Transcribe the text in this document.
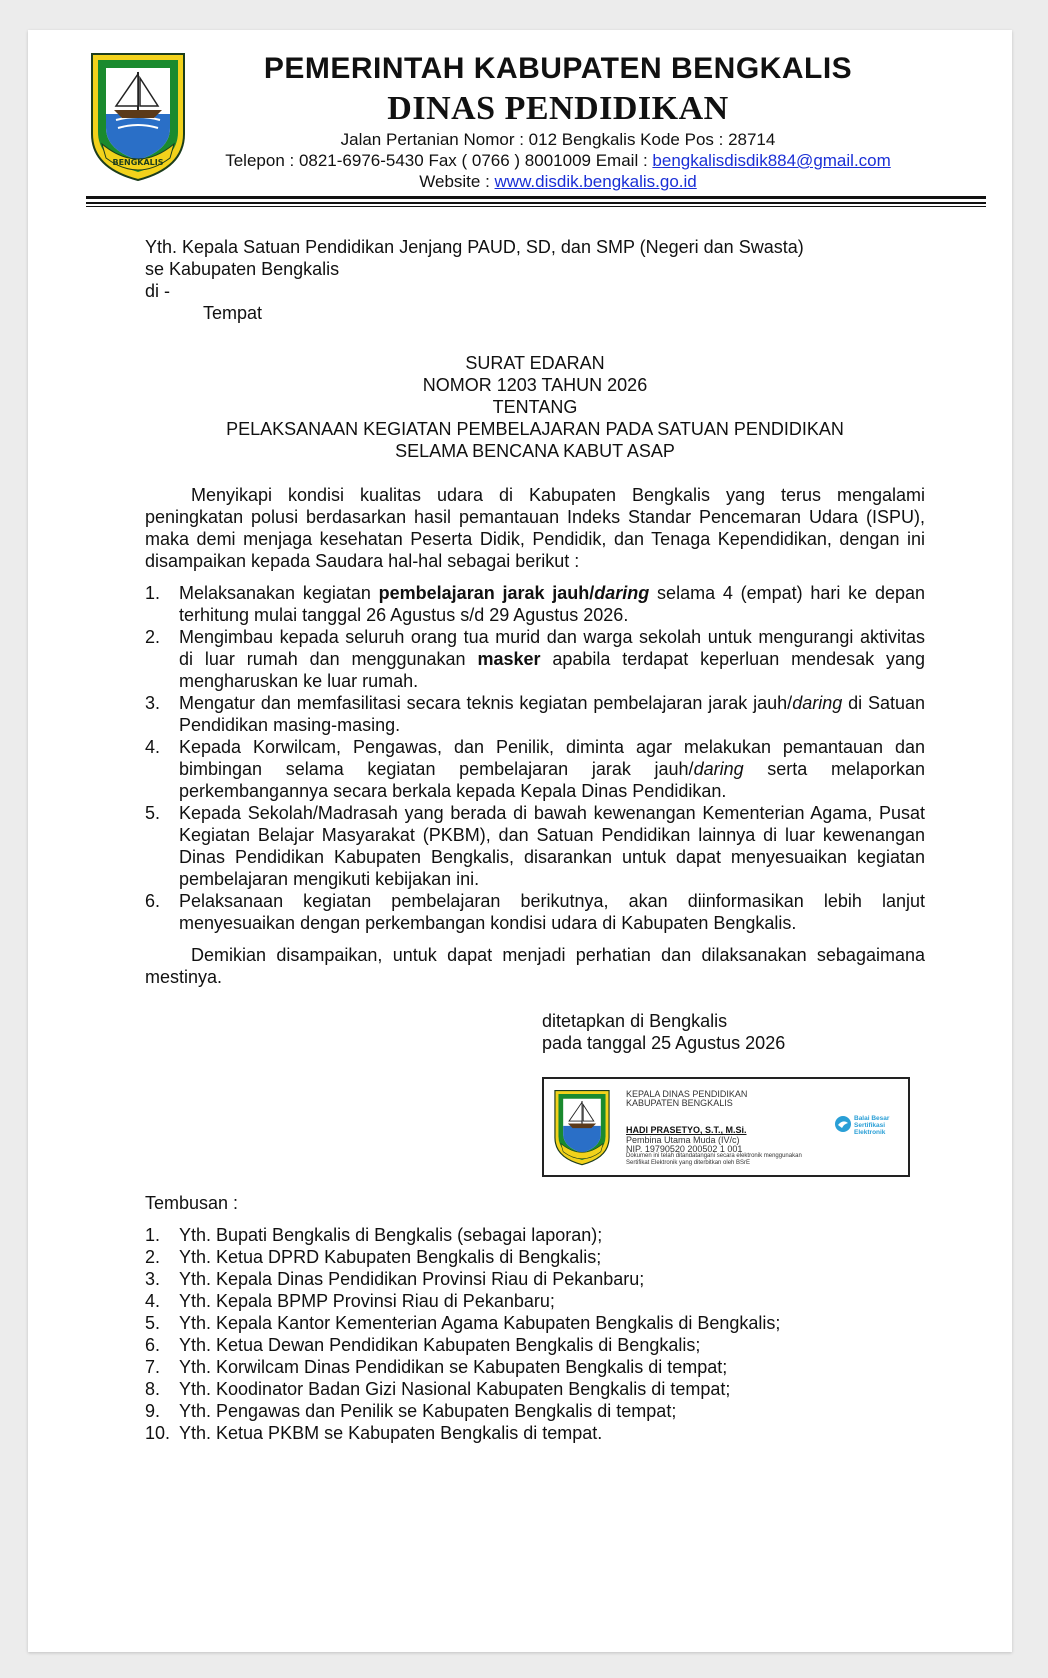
BENGKALIS
PEMERINTAH KABUPATEN BENGKALIS
DINAS PENDIDIKAN
Jalan Pertanian Nomor : 012 Bengkalis Kode Pos : 28714
Telepon : 0821-6976-5430 Fax ( 0766 ) 8001009 Email : bengkalisdisdik884@gmail.com
Website : www.disdik.bengkalis.go.id
Yth. Kepala Satuan Pendidikan Jenjang PAUD, SD, dan SMP (Negeri dan Swasta)
se Kabupaten Bengkalis
di -
Tempat
SURAT EDARAN
NOMOR 1203 TAHUN 2026
TENTANG
PELAKSANAAN KEGIATAN PEMBELAJARAN PADA SATUAN PENDIDIKAN
SELAMA BENCANA KABUT ASAP
Menyikapi kondisi kualitas udara di Kabupaten Bengkalis yang terus mengalami peningkatan polusi berdasarkan hasil pemantauan Indeks Standar Pencemaran Udara (ISPU), maka demi menjaga kesehatan Peserta Didik, Pendidik, dan Tenaga Kependidikan, dengan ini disampaikan kepada Saudara hal-hal sebagai berikut :
1.	Melaksanakan kegiatan pembelajaran jarak jauh/daring selama 4 (empat) hari ke depan terhitung mulai tanggal 26 Agustus s/d 29 Agustus 2026.
2.	Mengimbau kepada seluruh orang tua murid dan warga sekolah untuk mengurangi aktivitas di luar rumah dan menggunakan masker apabila terdapat keperluan mendesak yang mengharuskan ke luar rumah.
3.	Mengatur dan memfasilitasi secara teknis kegiatan pembelajaran jarak jauh/daring di Satuan Pendidikan masing-masing.
4.	Kepada Korwilcam, Pengawas, dan Penilik, diminta agar melakukan pemantauan dan bimbingan selama kegiatan pembelajaran jarak jauh/daring serta melaporkan perkembangannya secara berkala kepada Kepala Dinas Pendidikan.
5.	Kepada Sekolah/Madrasah yang berada di bawah kewenangan Kementerian Agama, Pusat Kegiatan Belajar Masyarakat (PKBM), dan Satuan Pendidikan lainnya di luar kewenangan Dinas Pendidikan Kabupaten Bengkalis, disarankan untuk dapat menyesuaikan kegiatan pembelajaran mengikuti kebijakan ini.
6.	Pelaksanaan kegiatan pembelajaran berikutnya, akan diinformasikan lebih lanjut menyesuaikan dengan perkembangan kondisi udara di Kabupaten Bengkalis.
Demikian disampaikan, untuk dapat menjadi perhatian dan dilaksanakan sebagaimana mestinya.
ditetapkan di Bengkalis
pada tanggal 25 Agustus 2026
KEPALA DINAS PENDIDIKAN
KABUPATEN BENGKALIS
HADI PRASETYO, S.T., M.Si.
Pembina Utama Muda (IV/c)
NIP. 19790520 200502 1 001
Dokumen ini telah ditandatangani secara elektronik menggunakan
Sertifikat Elektronik yang diterbitkan oleh BSrE
Balai Besar
Sertifikasi
Elektronik
Tembusan :
1.	Yth. Bupati Bengkalis di Bengkalis (sebagai laporan);
2.	Yth. Ketua DPRD Kabupaten Bengkalis di Bengkalis;
3.	Yth. Kepala Dinas Pendidikan Provinsi Riau di Pekanbaru;
4.	Yth. Kepala BPMP Provinsi Riau di Pekanbaru;
5.	Yth. Kepala Kantor Kementerian Agama Kabupaten Bengkalis di Bengkalis;
6.	Yth. Ketua Dewan Pendidikan Kabupaten Bengkalis di Bengkalis;
7.	Yth. Korwilcam Dinas Pendidikan se Kabupaten Bengkalis di tempat;
8.	Yth. Koodinator Badan Gizi Nasional Kabupaten Bengkalis di tempat;
9.	Yth. Pengawas dan Penilik se Kabupaten Bengkalis di tempat;
10. Yth. Ketua PKBM se Kabupaten Bengkalis di tempat.
